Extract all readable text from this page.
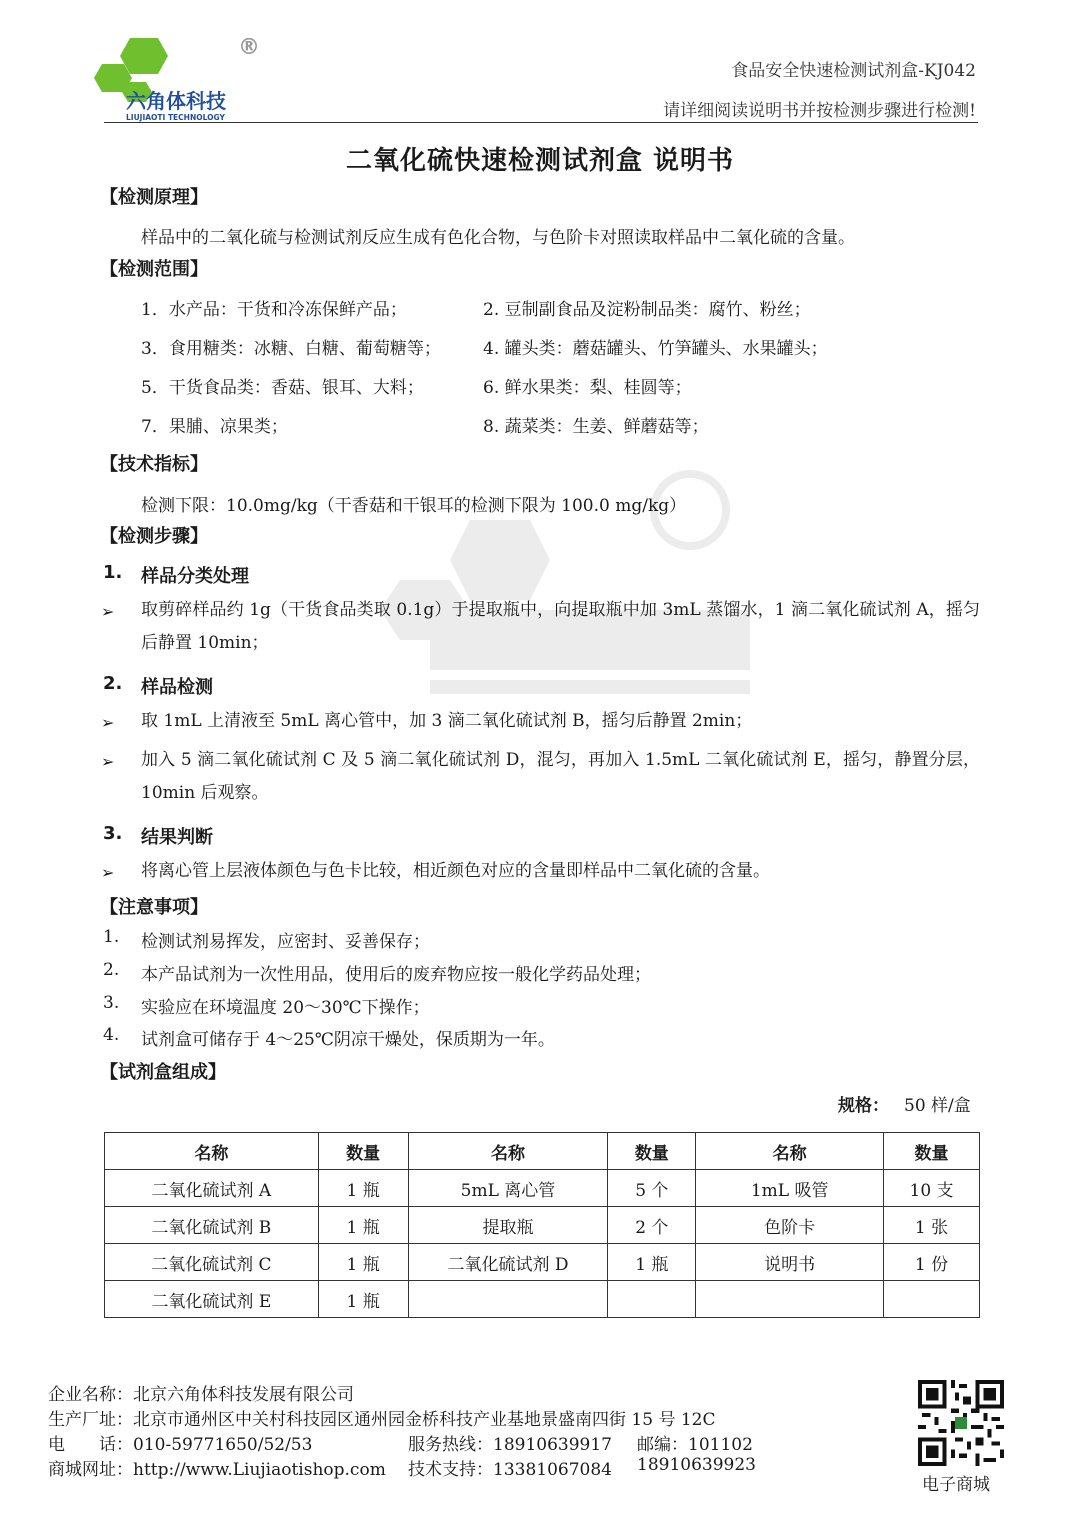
®
六角体科技
LIUJIAOTI TECHNOLOGY
食品安全快速检测试剂盒-KJ042
请详细阅读说明书并按检测步骤进行检测!
二氧化硫快速检测试剂盒 说明书
【检测原理】
样品中的二氧化硫与检测试剂反应生成有色化合物，与色阶卡对照读取样品中二氧化硫的含量。
【检测范围】
1．水产品：干货和冷冻保鲜产品；	2. 豆制副食品及淀粉制品类：腐竹、粉丝；
3．食用糖类：冰糖、白糖、葡萄糖等； 4. 罐头类：蘑菇罐头、竹笋罐头、水果罐头；
5．干货食品类：香菇、银耳、大料；	6. 鲜水果类：梨、桂圆等；
7．果脯、凉果类；	8. 蔬菜类：生姜、鲜蘑菇等；
【技术指标】
检测下限：10.0mg/kg（干香菇和干银耳的检测下限为 100.0 mg/kg）
【检测步骤】
1. 样品分类处理
➢ 取剪碎样品约 1g（干货食品类取 0.1g）于提取瓶中，向提取瓶中加 3mL 蒸馏水，1 滴二氧化硫试剂 A，摇匀后静置 10min；
2. 样品检测
➢ 取 1mL 上清液至 5mL 离心管中，加 3 滴二氧化硫试剂 B，摇匀后静置 2min；
➢ 加入 5 滴二氧化硫试剂 C 及 5 滴二氧化硫试剂 D，混匀，再加入 1.5mL 二氧化硫试剂 E，摇匀，静置分层，10min 后观察。
3. 结果判断
➢ 将离心管上层液体颜色与色卡比较，相近颜色对应的含量即样品中二氧化硫的含量。
【注意事项】
1. 检测试剂易挥发，应密封、妥善保存；
2. 本产品试剂为一次性用品，使用后的废弃物应按一般化学药品处理；
3. 实验应在环境温度 20～30℃下操作；
4. 试剂盒可储存于 4～25℃阴凉干燥处，保质期为一年。
【试剂盒组成】
规格： 50 样/盒
名称	数量	名称	数量	名称	数量
二氧化硫试剂 A	1 瓶	5mL 离心管	5 个	1mL 吸管	10 支
二氧化硫试剂 B	1 瓶	提取瓶	2 个	色阶卡	1 张
二氧化硫试剂 C	1 瓶	二氧化硫试剂 D	1 瓶	说明书	1 份
二氧化硫试剂 E	1 瓶				
企业名称：北京六角体科技发展有限公司
生产厂址：北京市通州区中关村科技园区通州园金桥科技产业基地景盛南四街 15 号 12C
电　　话：010-59771650/52/53	服务热线：18910639917 邮编：101102
商城网址：http://www.Liujiaotishop.com 技术支持：13381067084 18910639923
电子商城
